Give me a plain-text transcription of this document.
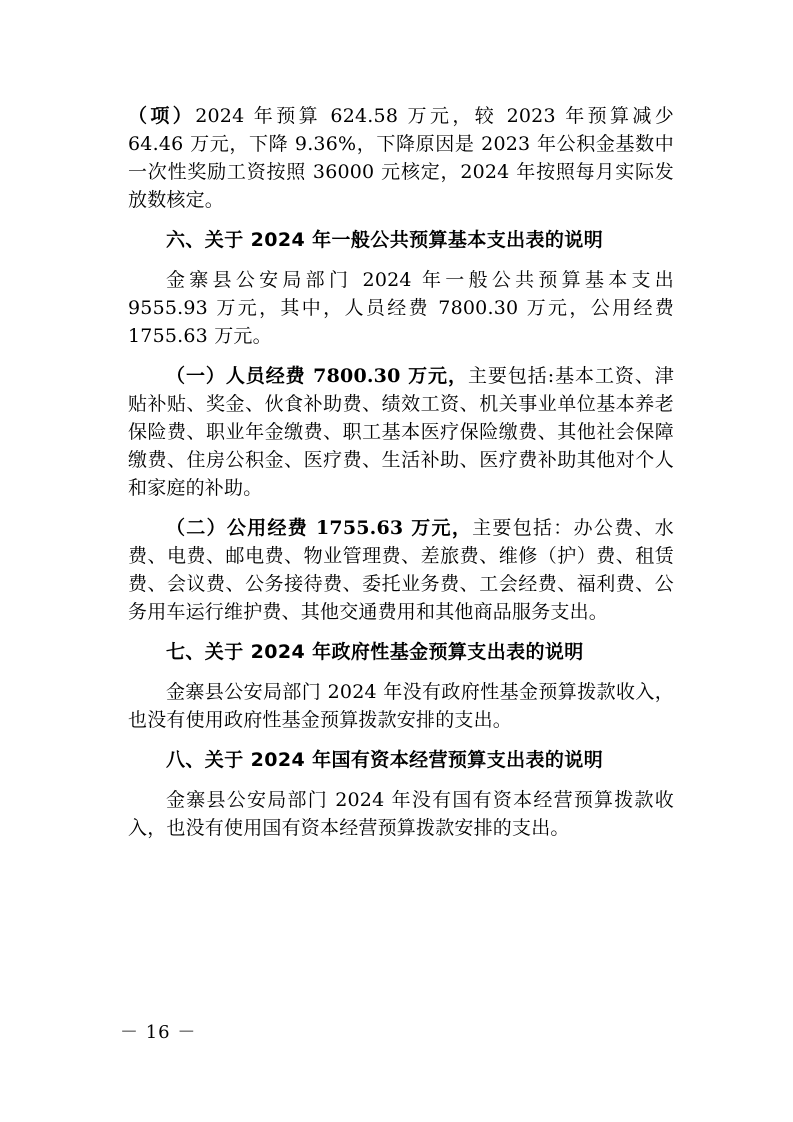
（项）2024 年预算 624.58 万元，较 2023 年预算减少 64.46 万元，下降 9.36%，下降原因是 2023 年公积金基数中一次性奖励工资按照 36000 元核定，2024 年按照每月实际发放数核定。

六、关于 2024 年一般公共预算基本支出表的说明

金寨县公安局部门 2024 年一般公共预算基本支出 9555.93 万元，其中，人员经费 7800.30 万元，公用经费 1755.63 万元。

（一）人员经费 7800.30 万元，主要包括:基本工资、津贴补贴、奖金、伙食补助费、绩效工资、机关事业单位基本养老保险费、职业年金缴费、职工基本医疗保险缴费、其他社会保障缴费、住房公积金、医疗费、生活补助、医疗费补助其他对个人和家庭的补助。

（二）公用经费 1755.63 万元，主要包括：办公费、水费、电费、邮电费、物业管理费、差旅费、维修（护）费、租赁费、会议费、公务接待费、委托业务费、工会经费、福利费、公务用车运行维护费、其他交通费用和其他商品服务支出。

七、关于 2024 年政府性基金预算支出表的说明

金寨县公安局部门 2024 年没有政府性基金预算拨款收入，也没有使用政府性基金预算拨款安排的支出。

八、关于 2024 年国有资本经营预算支出表的说明

金寨县公安局部门 2024 年没有国有资本经营预算拨款收入，也没有使用国有资本经营预算拨款安排的支出。

－ 16 －
